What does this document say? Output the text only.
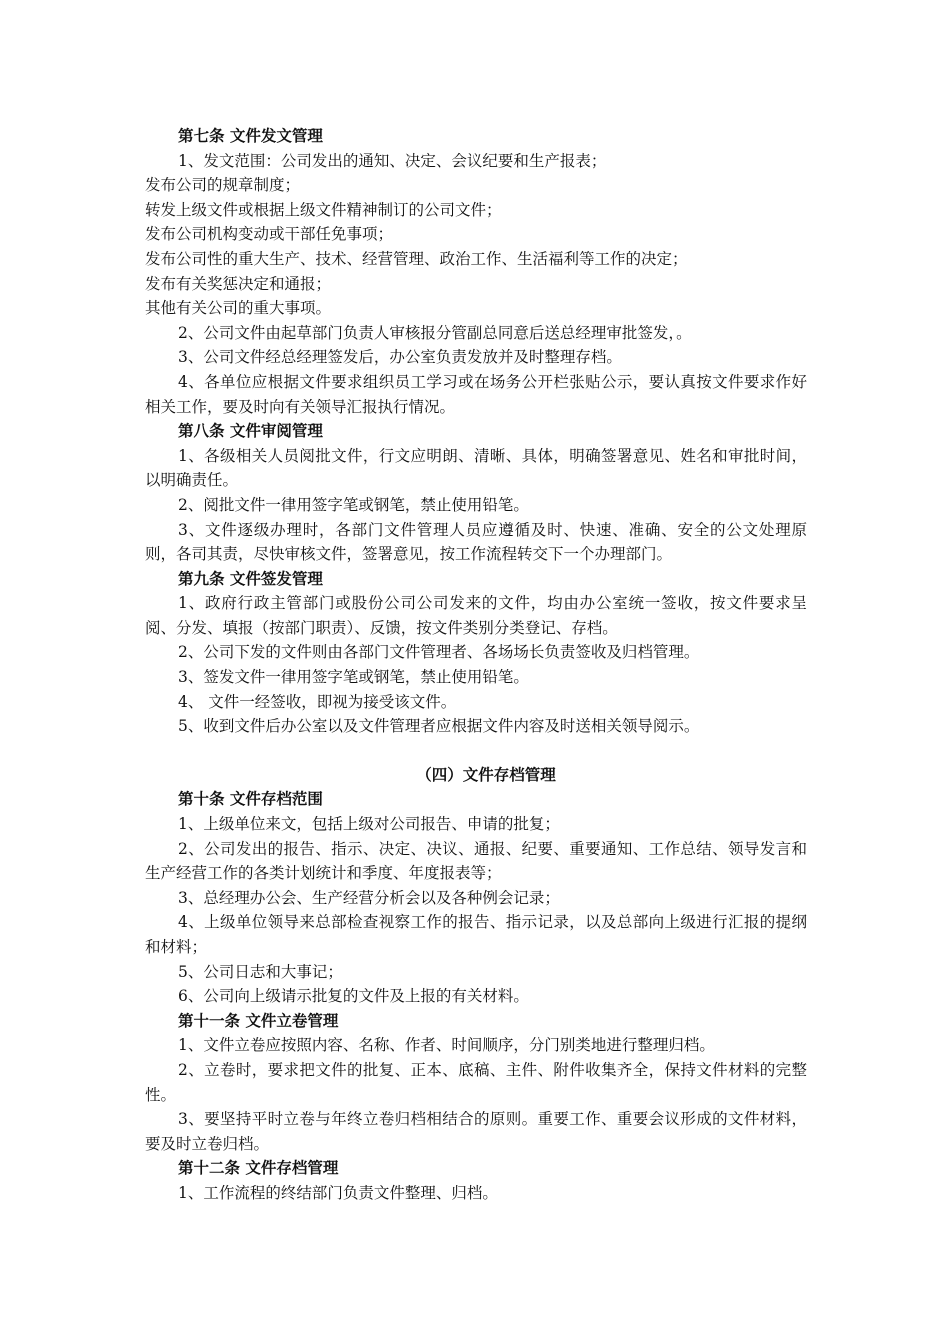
第七条 文件发文管理
1、发文范围：公司发出的通知、决定、会议纪要和生产报表；
发布公司的规章制度；
转发上级文件或根据上级文件精神制订的公司文件；
发布公司机构变动或干部任免事项；
发布公司性的重大生产、技术、经营管理、政治工作、生活福利等工作的决定；
发布有关奖惩决定和通报；
其他有关公司的重大事项。
2、公司文件由起草部门负责人审核报分管副总同意后送总经理审批签发，。
3、公司文件经总经理签发后，办公室负责发放并及时整理存档。
4、各单位应根据文件要求组织员工学习或在场务公开栏张贴公示，要认真按文件要求作好相关工作，要及时向有关领导汇报执行情况。
第八条 文件审阅管理
1、各级相关人员阅批文件，行文应明朗、清晰、具体，明确签署意见、姓名和审批时间，以明确责任。
2、阅批文件一律用签字笔或钢笔，禁止使用铅笔。
3、文件逐级办理时，各部门文件管理人员应遵循及时、快速、准确、安全的公文处理原则，各司其责，尽快审核文件，签署意见，按工作流程转交下一个办理部门。
第九条 文件签发管理
1、政府行政主管部门或股份公司公司发来的文件，均由办公室统一签收，按文件要求呈阅、分发、填报（按部门职责）、反馈，按文件类别分类登记、存档。
2、公司下发的文件则由各部门文件管理者、各场场长负责签收及归档管理。
3、签发文件一律用签字笔或钢笔，禁止使用铅笔。
4、 文件一经签收，即视为接受该文件。
5、收到文件后办公室以及文件管理者应根据文件内容及时送相关领导阅示。
（四）文件存档管理
第十条 文件存档范围
1、上级单位来文，包括上级对公司报告、申请的批复；
2、公司发出的报告、指示、决定、决议、通报、纪要、重要通知、工作总结、领导发言和生产经营工作的各类计划统计和季度、年度报表等；
3、总经理办公会、生产经营分析会以及各种例会记录；
4、上级单位领导来总部检查视察工作的报告、指示记录，以及总部向上级进行汇报的提纲和材料；
5、公司日志和大事记；
6、公司向上级请示批复的文件及上报的有关材料。
第十一条 文件立卷管理
1、文件立卷应按照内容、名称、作者、时间顺序，分门别类地进行整理归档。
2、立卷时，要求把文件的批复、正本、底稿、主件、附件收集齐全，保持文件材料的完整性。
3、要坚持平时立卷与年终立卷归档相结合的原则。重要工作、重要会议形成的文件材料，要及时立卷归档。
第十二条 文件存档管理
1、工作流程的终结部门负责文件整理、归档。
